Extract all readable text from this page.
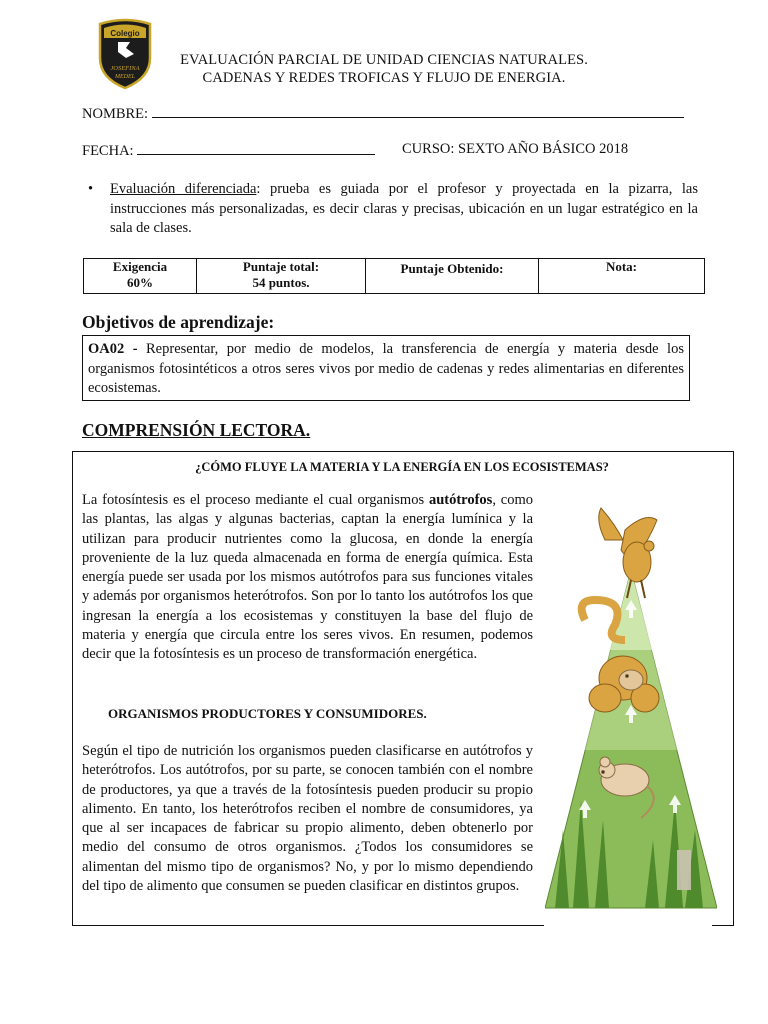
Colegio
JOSEFINA
MEDEL
EVALUACIÓN PARCIAL DE UNIDAD CIENCIAS NATURALES.
CADENAS Y REDES TROFICAS Y FLUJO DE ENERGIA.
NOMBRE:
FECHA:	CURSO: SEXTO AÑO BÁSICO 2018
• Evaluación diferenciada: prueba es guiada por el profesor y proyectada en la pizarra, las instrucciones más personalizadas, es decir claras y precisas, ubicación en un lugar estratégico en la sala de clases.
Exigencia
60%

Puntaje total:
54 puntos.

Puntaje Obtenido:	Nota:
Objetivos de aprendizaje:
OA02 - Representar, por medio de modelos, la transferencia de energía y materia desde los organismos fotosintéticos a otros seres vivos por medio de cadenas y redes alimentarias en diferentes ecosistemas.
COMPRENSIÓN LECTORA.
¿CÓMO FLUYE LA MATERIA Y LA ENERGÍA EN LOS ECOSISTEMAS?
La fotosíntesis es el proceso mediante el cual organismos autótrofos, como las plantas, las algas y algunas bacterias, captan la energía lumínica y la utilizan para producir nutrientes como la glucosa, en donde la energía proveniente de la luz queda almacenada en forma de energía química. Esta energía puede ser usada por los mismos autótrofos para sus funciones vitales y además por organismos heterótrofos. Son por lo tanto los autótrofos los que ingresan la energía a los ecosistemas y constituyen la base del flujo de materia y energía que circula entre los seres vivos. En resumen, podemos decir que la fotosíntesis es un proceso de transformación energética.
ORGANISMOS PRODUCTORES Y CONSUMIDORES.
Según el tipo de nutrición los organismos pueden clasificarse en autótrofos y heterótrofos. Los autótrofos, por su parte, se conocen también con el nombre de productores, ya que a través de la fotosíntesis pueden producir su propio alimento. En tanto, los heterótrofos reciben el nombre de consumidores, ya que al ser incapaces de fabricar su propio alimento, deben obtenerlo por medio del consumo de otros organismos. ¿Todos los consumidores se alimentan del mismo tipo de organismos? No, y por lo mismo dependiendo del tipo de alimento que consumen se pueden clasificar en distintos grupos.
